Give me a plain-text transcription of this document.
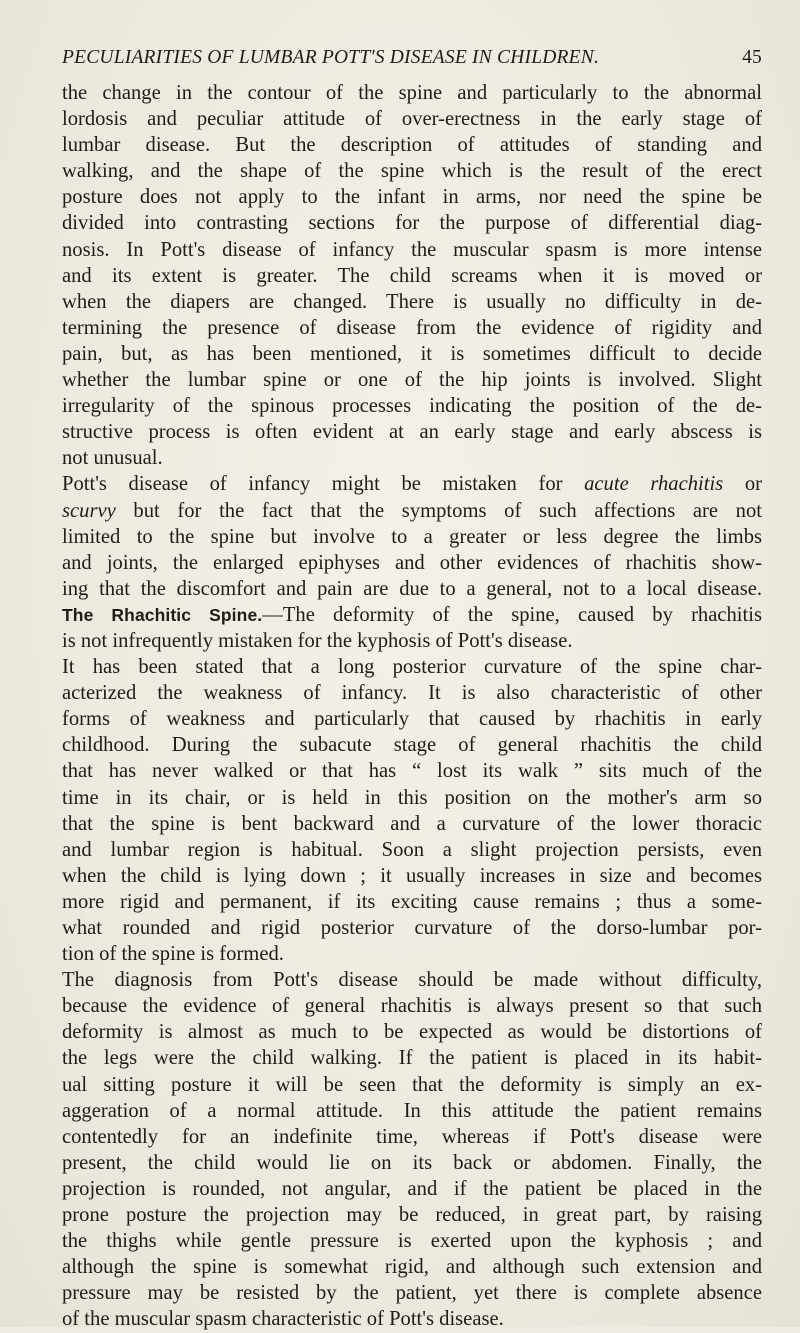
PECULIARITIES OF LUMBAR POTT'S DISEASE IN CHILDREN.	45
the change in the contour of the spine and particularly to the abnormal
lordosis and peculiar attitude of over-erectness in the early stage of
lumbar disease. But the description of attitudes of standing and
walking, and the shape of the spine which is the result of the erect
posture does not apply to the infant in arms, nor need the spine be
divided into contrasting sections for the purpose of differential diag-
nosis. In Pott's disease of infancy the muscular spasm is more intense
and its extent is greater. The child screams when it is moved or
when the diapers are changed. There is usually no difficulty in de-
termining the presence of disease from the evidence of rigidity and
pain, but, as has been mentioned, it is sometimes difficult to decide
whether the lumbar spine or one of the hip joints is involved. Slight
irregularity of the spinous processes indicating the position of the de-
structive process is often evident at an early stage and early abscess is
not unusual.
Pott's disease of infancy might be mistaken for acute rhachitis or
scurvy but for the fact that the symptoms of such affections are not
limited to the spine but involve to a greater or less degree the limbs
and joints, the enlarged epiphyses and other evidences of rhachitis show-
ing that the discomfort and pain are due to a general, not to a local disease.
The Rhachitic Spine.—The deformity of the spine, caused by rhachitis
is not infrequently mistaken for the kyphosis of Pott's disease.
It has been stated that a long posterior curvature of the spine char-
acterized the weakness of infancy. It is also characteristic of other
forms of weakness and particularly that caused by rhachitis in early
childhood. During the subacute stage of general rhachitis the child
that has never walked or that has “ lost its walk ” sits much of the
time in its chair, or is held in this position on the mother's arm so
that the spine is bent backward and a curvature of the lower thoracic
and lumbar region is habitual. Soon a slight projection persists, even
when the child is lying down ; it usually increases in size and becomes
more rigid and permanent, if its exciting cause remains ; thus a some-
what rounded and rigid posterior curvature of the dorso-lumbar por-
tion of the spine is formed.
The diagnosis from Pott's disease should be made without difficulty,
because the evidence of general rhachitis is always present so that such
deformity is almost as much to be expected as would be distortions of
the legs were the child walking. If the patient is placed in its habit-
ual sitting posture it will be seen that the deformity is simply an ex-
aggeration of a normal attitude. In this attitude the patient remains
contentedly for an indefinite time, whereas if Pott's disease were
present, the child would lie on its back or abdomen. Finally, the
projection is rounded, not angular, and if the patient be placed in the
prone posture the projection may be reduced, in great part, by raising
the thighs while gentle pressure is exerted upon the kyphosis ; and
although the spine is somewhat rigid, and although such extension and
pressure may be resisted by the patient, yet there is complete absence
of the muscular spasm characteristic of Pott's disease.
